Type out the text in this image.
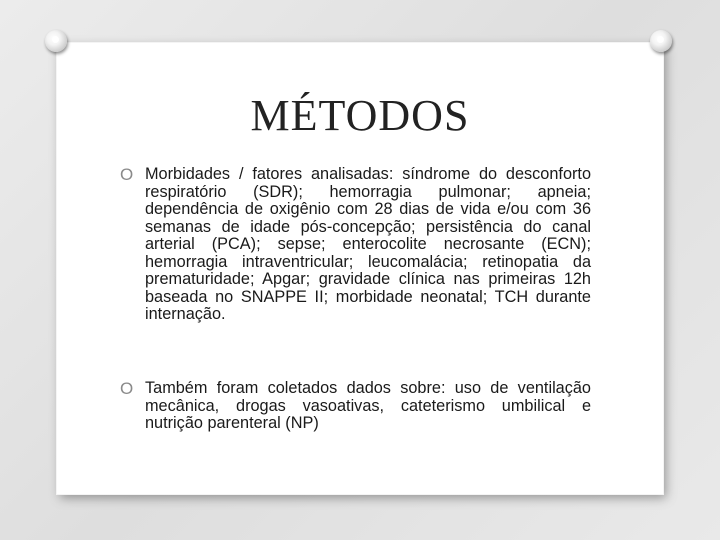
MÉTODOS
O Morbidades / fatores analisadas: síndrome do desconforto respiratório (SDR); hemorragia pulmonar; apneia; dependência de oxigênio com 28 dias de vida e/ou com 36 semanas de idade pós-concepção; persistência do canal arterial (PCA); sepse; enterocolite necrosante (ECN); hemorragia intraventricular; leucomalácia; retinopatia da prematuridade; Apgar; gravidade clínica nas primeiras 12h baseada no SNAPPE II; morbidade neonatal; TCH durante internação.
O Também foram coletados dados sobre: uso de ventilação mecânica, drogas vasoativas, cateterismo umbilical e nutrição parenteral (NP)
